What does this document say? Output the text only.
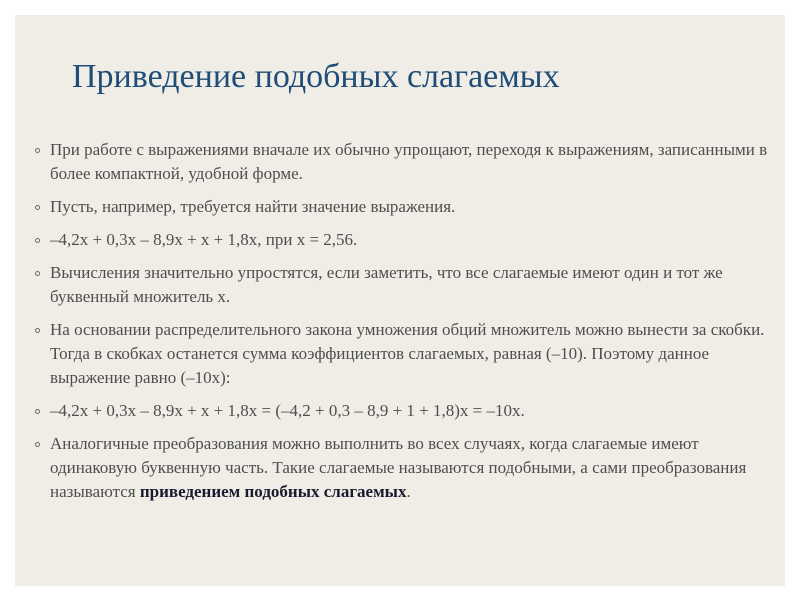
Приведение подобных слагаемых
При работе с выражениями вначале их обычно упрощают, переходя к выражениям, записанными в более компактной, удобной форме.
Пусть, например, требуется найти значение выражения.
–4,2х + 0,3х – 8,9х + х + 1,8х, при х = 2,56.
Вычисления значительно упростятся, если заметить, что все слагаемые имеют один и тот же буквенный множитель х.
На основании распределительного закона умножения обций множитель можно вынести за скобки. Тогда в скобках останется сумма коэффициентов слагаемых, равная (–10). Поэтому данное выражение равно (–10х):
–4,2х + 0,3х – 8,9х + х + 1,8х = (–4,2 + 0,3 – 8,9 + 1 + 1,8)х = –10х.
Аналогичные преобразования можно выполнить во всех случаях, когда слагаемые имеют одинаковую буквенную часть. Такие слагаемые называются подобными, а сами преобразования называются приведением подобных слагаемых.
